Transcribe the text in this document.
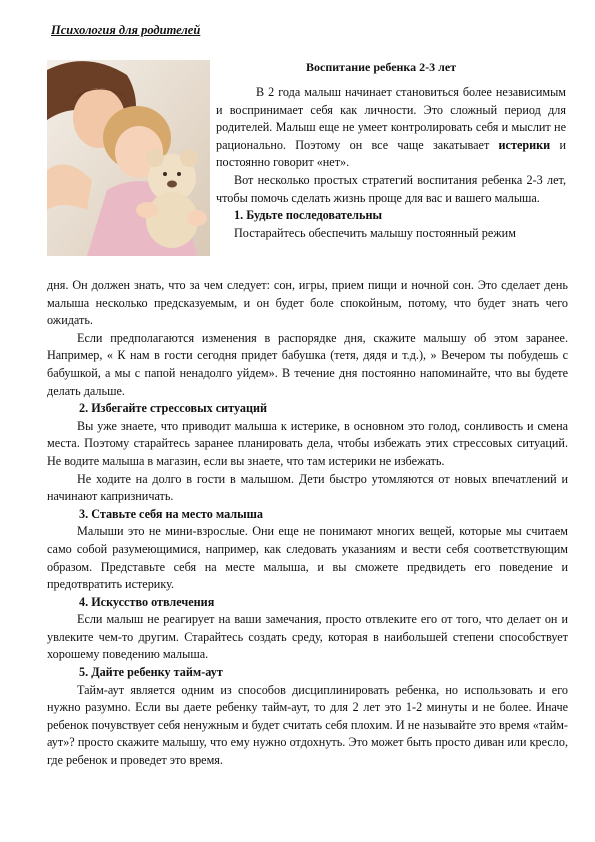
Психология для родителей
Воспитание ребенка 2-3 лет

В 2 года малыш начинает становиться более независимым и воспринимает себя как личности. Это сложный период для родителей. Малыш еще не умеет контролировать себя и мыслит не рационально. Поэтому он все чаще закатывает истерики и постоянно говорит «нет».

Вот несколько простых стратегий воспитания ребенка 2-3 лет, чтобы помочь сделать жизнь проще для вас и вашего малыша.

1. Будьте последовательны

Постарайтесь обеспечить малышу постоянный режим

дня. Он должен знать, что за чем следует: сон, игры, прием пищи и ночной сон. Это сделает день малыша несколько предсказуемым, и он будет боле спокойным, потому, что будет знать чего ожидать.

Если предполагаются изменения в распорядке дня, скажите малышу об этом заранее. Например, « К нам в гости сегодня придет бабушка (тетя, дядя и т.д.), » Вечером ты побудешь с бабушкой, а мы с папой ненадолго уйдем». В течение дня постоянно напоминайте, что вы будете делать дальше.

2. Избегайте стрессовых ситуаций

Вы уже знаете, что приводит малыша к истерике, в основном это голод, сонливость и смена места. Поэтому старайтесь заранее планировать дела, чтобы избежать этих стрессовых ситуаций. Не водите малыша в магазин, если вы знаете, что там истерики не избежать.

Не ходите на долго в гости в малышом. Дети быстро утомляются от новых впечатлений и начинают капризничать.

3. Ставьте себя на место малыша

Малыши это не мини-взрослые. Они еще не понимают многих вещей, которые мы считаем само собой разумеющимися, например, как следовать указаниям и вести себя соответствующим образом. Представьте себя на месте малыша, и вы сможете предвидеть его поведение и предотвратить истерику.

4. Искусство отвлечения

Если малыш не реагирует на ваши замечания, просто отвлеките его от того, что делает он и увлеките чем-то другим. Старайтесь создать среду, которая в наибольшей степени способствует хорошему поведению малыша.

5. Дайте ребенку тайм-аут

Тайм-аут является одним из способов дисциплинировать ребенка, но использовать и его нужно разумно. Если вы даете ребенку тайм-аут, то для 2 лет это 1-2 минуты и не более. Иначе ребенок почувствует себя ненужным и будет считать себя плохим. И не называйте это время «тайм-аут»? просто скажите малышу, что ему нужно отдохнуть. Это может быть просто диван или кресло, где ребенок и проведет это время.
